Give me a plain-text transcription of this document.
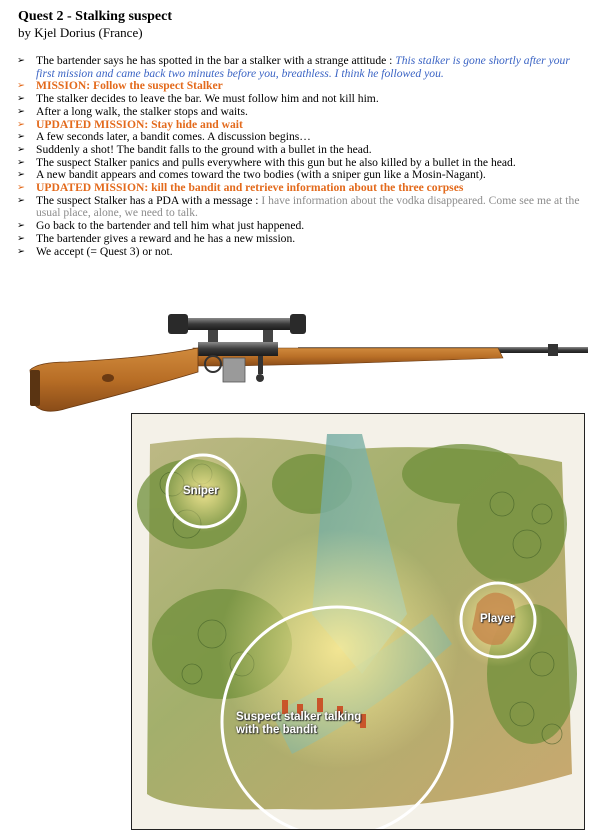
Quest 2 - Stalking suspect
by Kjel Dorius (France)
➢ The bartender says he has spotted in the bar a stalker with a strange attitude : This stalker is gone shortly after your first mission and came back two minutes before you, breathless. I think he followed you.
➢ MISSION: Follow the suspect Stalker
➢ The stalker decides to leave the bar. We must follow him and not kill him.
➢ After a long walk, the stalker stops and waits.
➢ UPDATED MISSION: Stay hide and wait
➢ A few seconds later, a bandit comes. A discussion begins…
➢ Suddenly a shot! The bandit falls to the ground with a bullet in the head.
➢ The suspect Stalker panics and pulls everywhere with this gun but he also killed by a bullet in the head.
➢ A new bandit appears and comes toward the two bodies (with a sniper gun like a Mosin-Nagant).
➢ UPDATED MISSION: kill the bandit and retrieve information about the three corpses
➢ The suspect Stalker has a PDA with a message : I have information about the vodka disappeared. Come see me at the usual place, alone, we need to talk.
➢ Go back to the bartender and tell him what just happened.
➢ The bartender gives a reward and he has a new mission.
➢ We accept (= Quest 3) or not.
Sniper
Player
Suspect stalker talking with the bandit
